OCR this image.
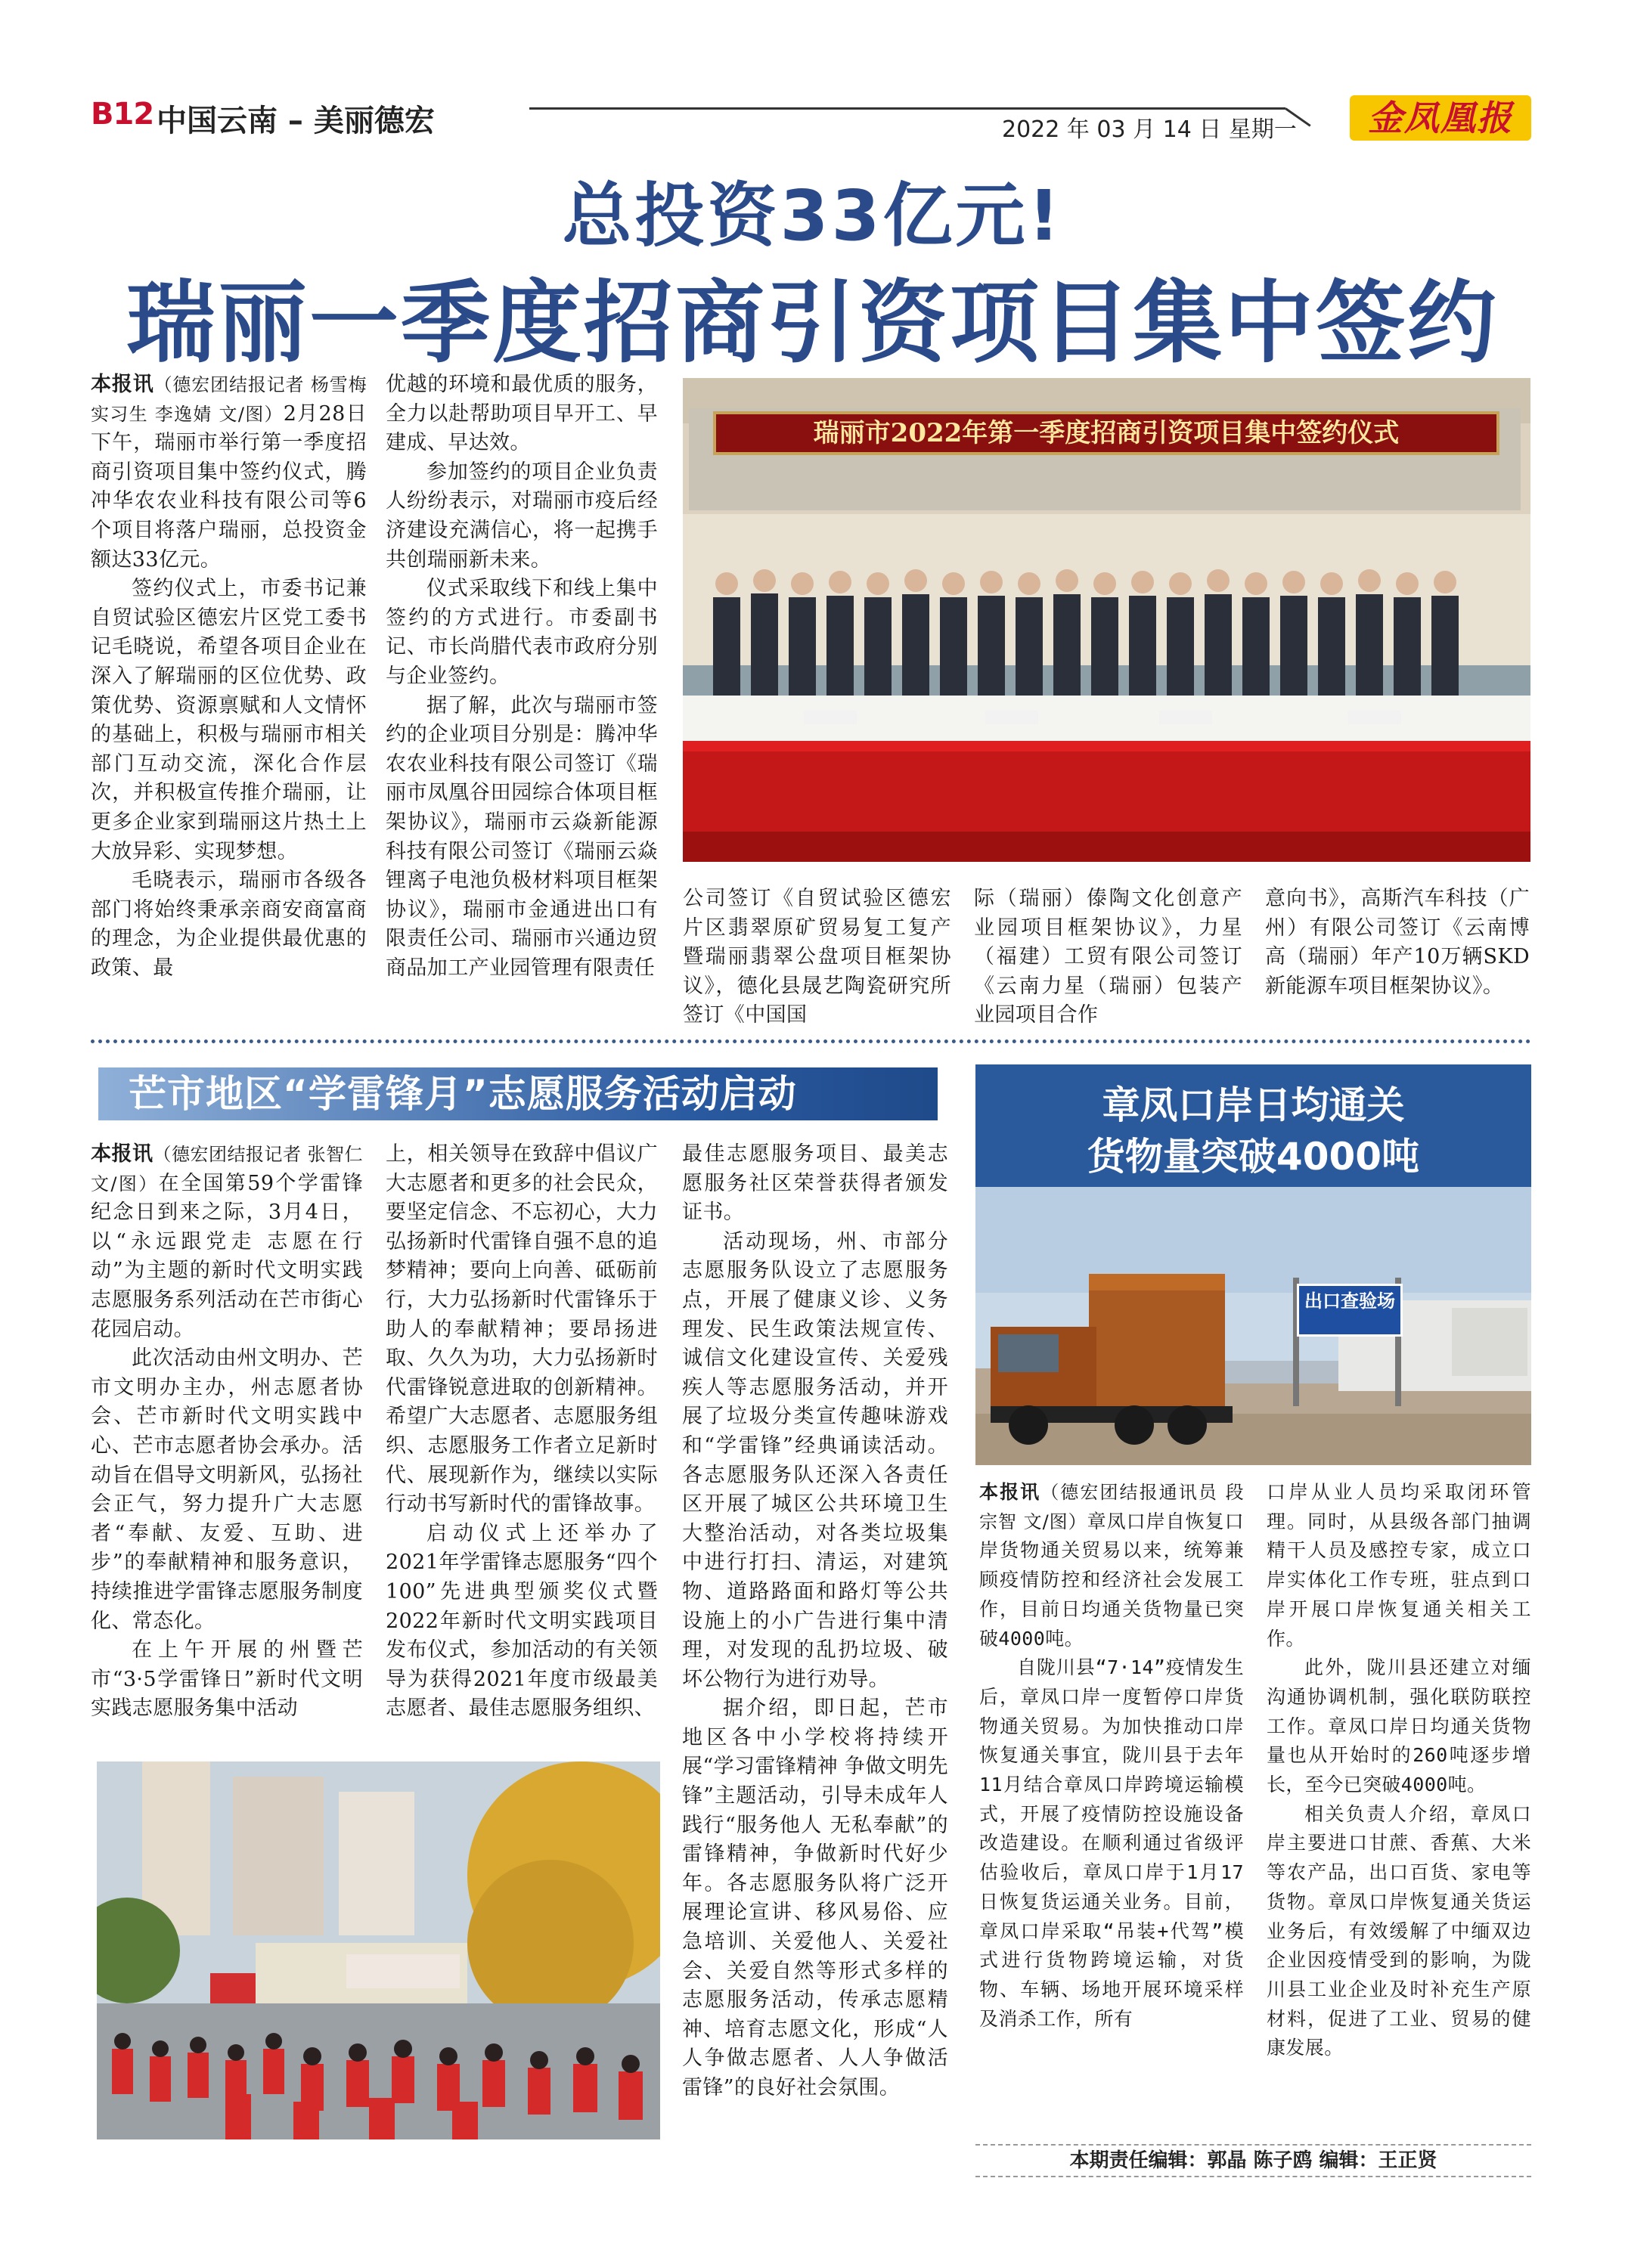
B12 中国云南 – 美丽德宏	2022 年 03 月 14 日 星期一	金凤凰报
总投资33亿元!
瑞丽一季度招商引资项目集中签约

本报讯（德宏团结报记者 杨雪梅 实习生 李逸婧 文/图）2月28日下午，瑞丽市举行第一季度招商引资项目集中签约仪式，腾冲华农农业科技有限公司等6个项目将落户瑞丽，总投资金额达33亿元。

签约仪式上，市委书记兼自贸试验区德宏片区党工委书记毛晓说，希望各项目企业在深入了解瑞丽的区位优势、政策优势、资源禀赋和人文情怀的基础上，积极与瑞丽市相关部门互动交流，深化合作层次，并积极宣传推介瑞丽，让更多企业家到瑞丽这片热土上大放异彩、实现梦想。

毛晓表示，瑞丽市各级各部门将始终秉承亲商安商富商的理念，为企业提供最优惠的政策、最

优越的环境和最优质的服务，全力以赴帮助项目早开工、早建成、早达效。

参加签约的项目企业负责人纷纷表示，对瑞丽市疫后经济建设充满信心，将一起携手共创瑞丽新未来。

仪式采取线下和线上集中签约的方式进行。市委副书记、市长尚腊代表市政府分别与企业签约。

据了解，此次与瑞丽市签约的企业项目分别是：腾冲华农农业科技有限公司签订《瑞丽市凤凰谷田园综合体项目框架协议》，瑞丽市云焱新能源科技有限公司签订《瑞丽云焱锂离子电池负极材料项目框架协议》，瑞丽市金通进出口有限责任公司、瑞丽市兴通边贸商品加工产业园管理有限责任

瑞丽市2022年第一季度招商引资项目集中签约仪式

公司签订《自贸试验区德宏片区翡翠原矿贸易复工复产暨瑞丽翡翠公盘项目框架协议》，德化县晟艺陶瓷研究所签订《中国国

际（瑞丽）傣陶文化创意产业园项目框架协议》，力星（福建）工贸有限公司签订《云南力星（瑞丽）包装产业园项目合作

意向书》，高斯汽车科技（广州）有限公司签订《云南博高（瑞丽）年产10万辆SKD新能源车项目框架协议》。

芒市地区“学雷锋月”志愿服务活动启动

本报讯（德宏团结报记者 张智仁 文/图）在全国第59个学雷锋纪念日到来之际，3月4日，以“永远跟党走 志愿在行动”为主题的新时代文明实践志愿服务系列活动在芒市街心花园启动。

此次活动由州文明办、芒市文明办主办，州志愿者协会、芒市新时代文明实践中心、芒市志愿者协会承办。活动旨在倡导文明新风，弘扬社会正气，努力提升广大志愿者“奉献、友爱、互助、进步”的奉献精神和服务意识，持续推进学雷锋志愿服务制度化、常态化。

在上午开展的州暨芒市“3·5学雷锋日”新时代文明实践志愿服务集中活动

上，相关领导在致辞中倡议广大志愿者和更多的社会民众，要坚定信念、不忘初心，大力弘扬新时代雷锋自强不息的追梦精神；要向上向善、砥砺前行，大力弘扬新时代雷锋乐于助人的奉献精神；要昂扬进取、久久为功，大力弘扬新时代雷锋锐意进取的创新精神。希望广大志愿者、志愿服务组织、志愿服务工作者立足新时代、展现新作为，继续以实际行动书写新时代的雷锋故事。

启动仪式上还举办了2021年学雷锋志愿服务“四个100”先进典型颁奖仪式暨2022年新时代文明实践项目发布仪式，参加活动的有关领导为获得2021年度市级最美志愿者、最佳志愿服务组织、

最佳志愿服务项目、最美志愿服务社区荣誉获得者颁发证书。

活动现场，州、市部分志愿服务队设立了志愿服务点，开展了健康义诊、义务理发、民生政策法规宣传、诚信文化建设宣传、关爱残疾人等志愿服务活动，并开展了垃圾分类宣传趣味游戏和“学雷锋”经典诵读活动。各志愿服务队还深入各责任区开展了城区公共环境卫生大整治活动，对各类垃圾集中进行打扫、清运，对建筑物、道路路面和路灯等公共设施上的小广告进行集中清理，对发现的乱扔垃圾、破坏公物行为进行劝导。

据介绍，即日起，芒市地区各中小学校将持续开展“学习雷锋精神 争做文明先锋”主题活动，引导未成年人践行“服务他人 无私奉献”的雷锋精神，争做新时代好少年。各志愿服务队将广泛开展理论宣讲、移风易俗、应急培训、关爱他人、关爱社会、关爱自然等形式多样的志愿服务活动，传承志愿精神、培育志愿文化，形成“人人争做志愿者、人人争做活雷锋”的良好社会氛围。

章凤口岸日均通关
货物量突破4000吨
出口查验场

本报讯（德宏团结报通讯员 段宗智 文/图）章凤口岸自恢复口岸货物通关贸易以来，统筹兼顾疫情防控和经济社会发展工作，目前日均通关货物量已突破4000吨。

自陇川县“7·14”疫情发生后，章凤口岸一度暂停口岸货物通关贸易。为加快推动口岸恢复通关事宜，陇川县于去年11月结合章凤口岸跨境运输模式，开展了疫情防控设施设备改造建设。在顺利通过省级评估验收后，章凤口岸于1月17日恢复货运通关业务。目前，章凤口岸采取“吊装+代驾”模式进行货物跨境运输，对货物、车辆、场地开展环境采样及消杀工作，所有

口岸从业人员均采取闭环管理。同时，从县级各部门抽调精干人员及感控专家，成立口岸实体化工作专班，驻点到口岸开展口岸恢复通关相关工作。

此外，陇川县还建立对缅沟通协调机制，强化联防联控工作。章凤口岸日均通关货物量也从开始时的260吨逐步增长，至今已突破4000吨。

相关负责人介绍，章凤口岸主要进口甘蔗、香蕉、大米等农产品，出口百货、家电等货物。章凤口岸恢复通关货运业务后，有效缓解了中缅双边企业因疫情受到的影响，为陇川县工业企业及时补充生产原材料，促进了工业、贸易的健康发展。

本期责任编辑：郭晶 陈子鸥 编辑：王正贤
